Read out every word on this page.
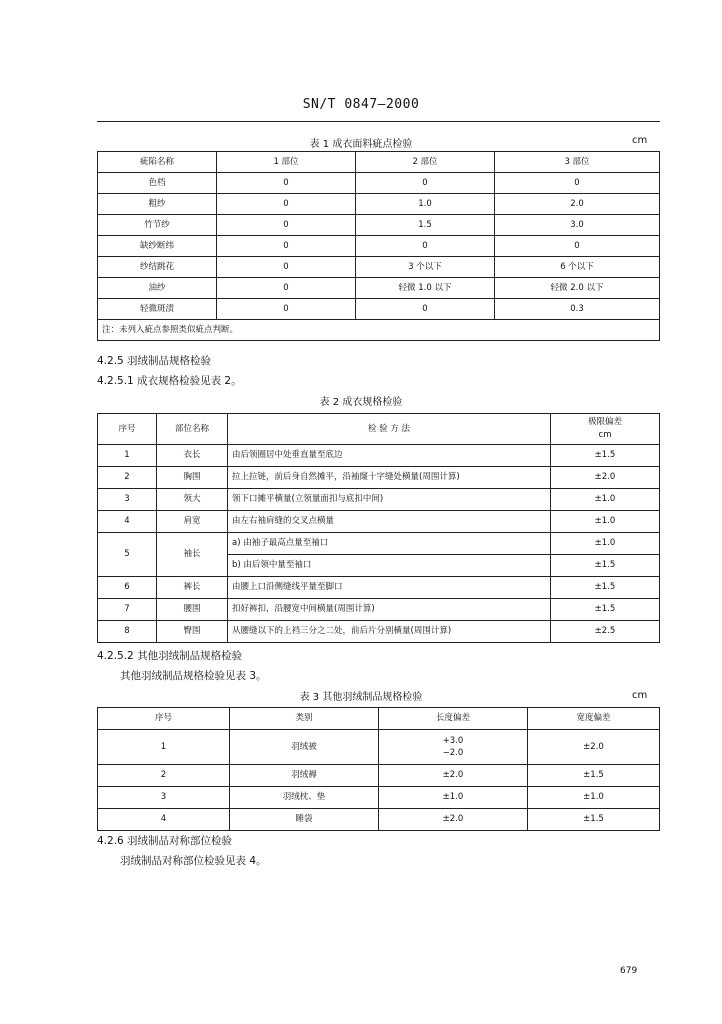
SN/T 0847—2000
表 1 成衣面料疵点检验	cm
疵陷名称	1 部位	2 部位	3 部位
色档	0	0	0
粗纱	0	1.0	2.0
竹节纱	0	1.5	3.0
缺纱断纬	0	0	0
纱结跳花	0	3 个以下	6 个以下
油纱	0	轻微 1.0 以下	轻微 2.0 以下
轻微斑渍	0	0	0.3
注：未列入疵点参照类似疵点判断。			
4.2.5 羽绒制品规格检验
4.2.5.1 成衣规格检验见表 2。
表 2 成衣规格检验
序号	部位名称	检 验 方 法	极限偏差
cm
1	衣长	由后领圈居中处垂直量至底边	±1.5
2	胸围	拉上拉链，前后身自然摊平，沿袖窿十字缝处横量(周围计算)	±2.0
3	领大	领下口摊平横量(立领量面扣与底扣中间)	±1.0
4	肩宽	由左右袖肩缝的交叉点横量	±1.0
5	袖长	a) 由袖子最高点量至袖口	±1.0
		b) 由后领中量至袖口	±1.5
6	裤长	由腰上口沿侧缝线平量至脚口	±1.5
7	腰围	扣好裤扣，沿腰宽中间横量(周围计算)	±1.5
8	臀围	从腰缝以下的上裆三分之二处，前后片分别横量(周围计算)	±2.5
4.2.5.2 其他羽绒制品规格检验
其他羽绒制品规格检验见表 3。
表 3 其他羽绒制品规格检验	cm
序号	类别	长度偏差	宽度偏差
1	羽绒被	+3.0
−2.0	±2.0
2	羽绒褥	±2.0	±1.5
3	羽绒枕、垫	±1.0	±1.0
4	睡袋	±2.0	±1.5
4.2.6 羽绒制品对称部位检验
羽绒制品对称部位检验见表 4。
679
